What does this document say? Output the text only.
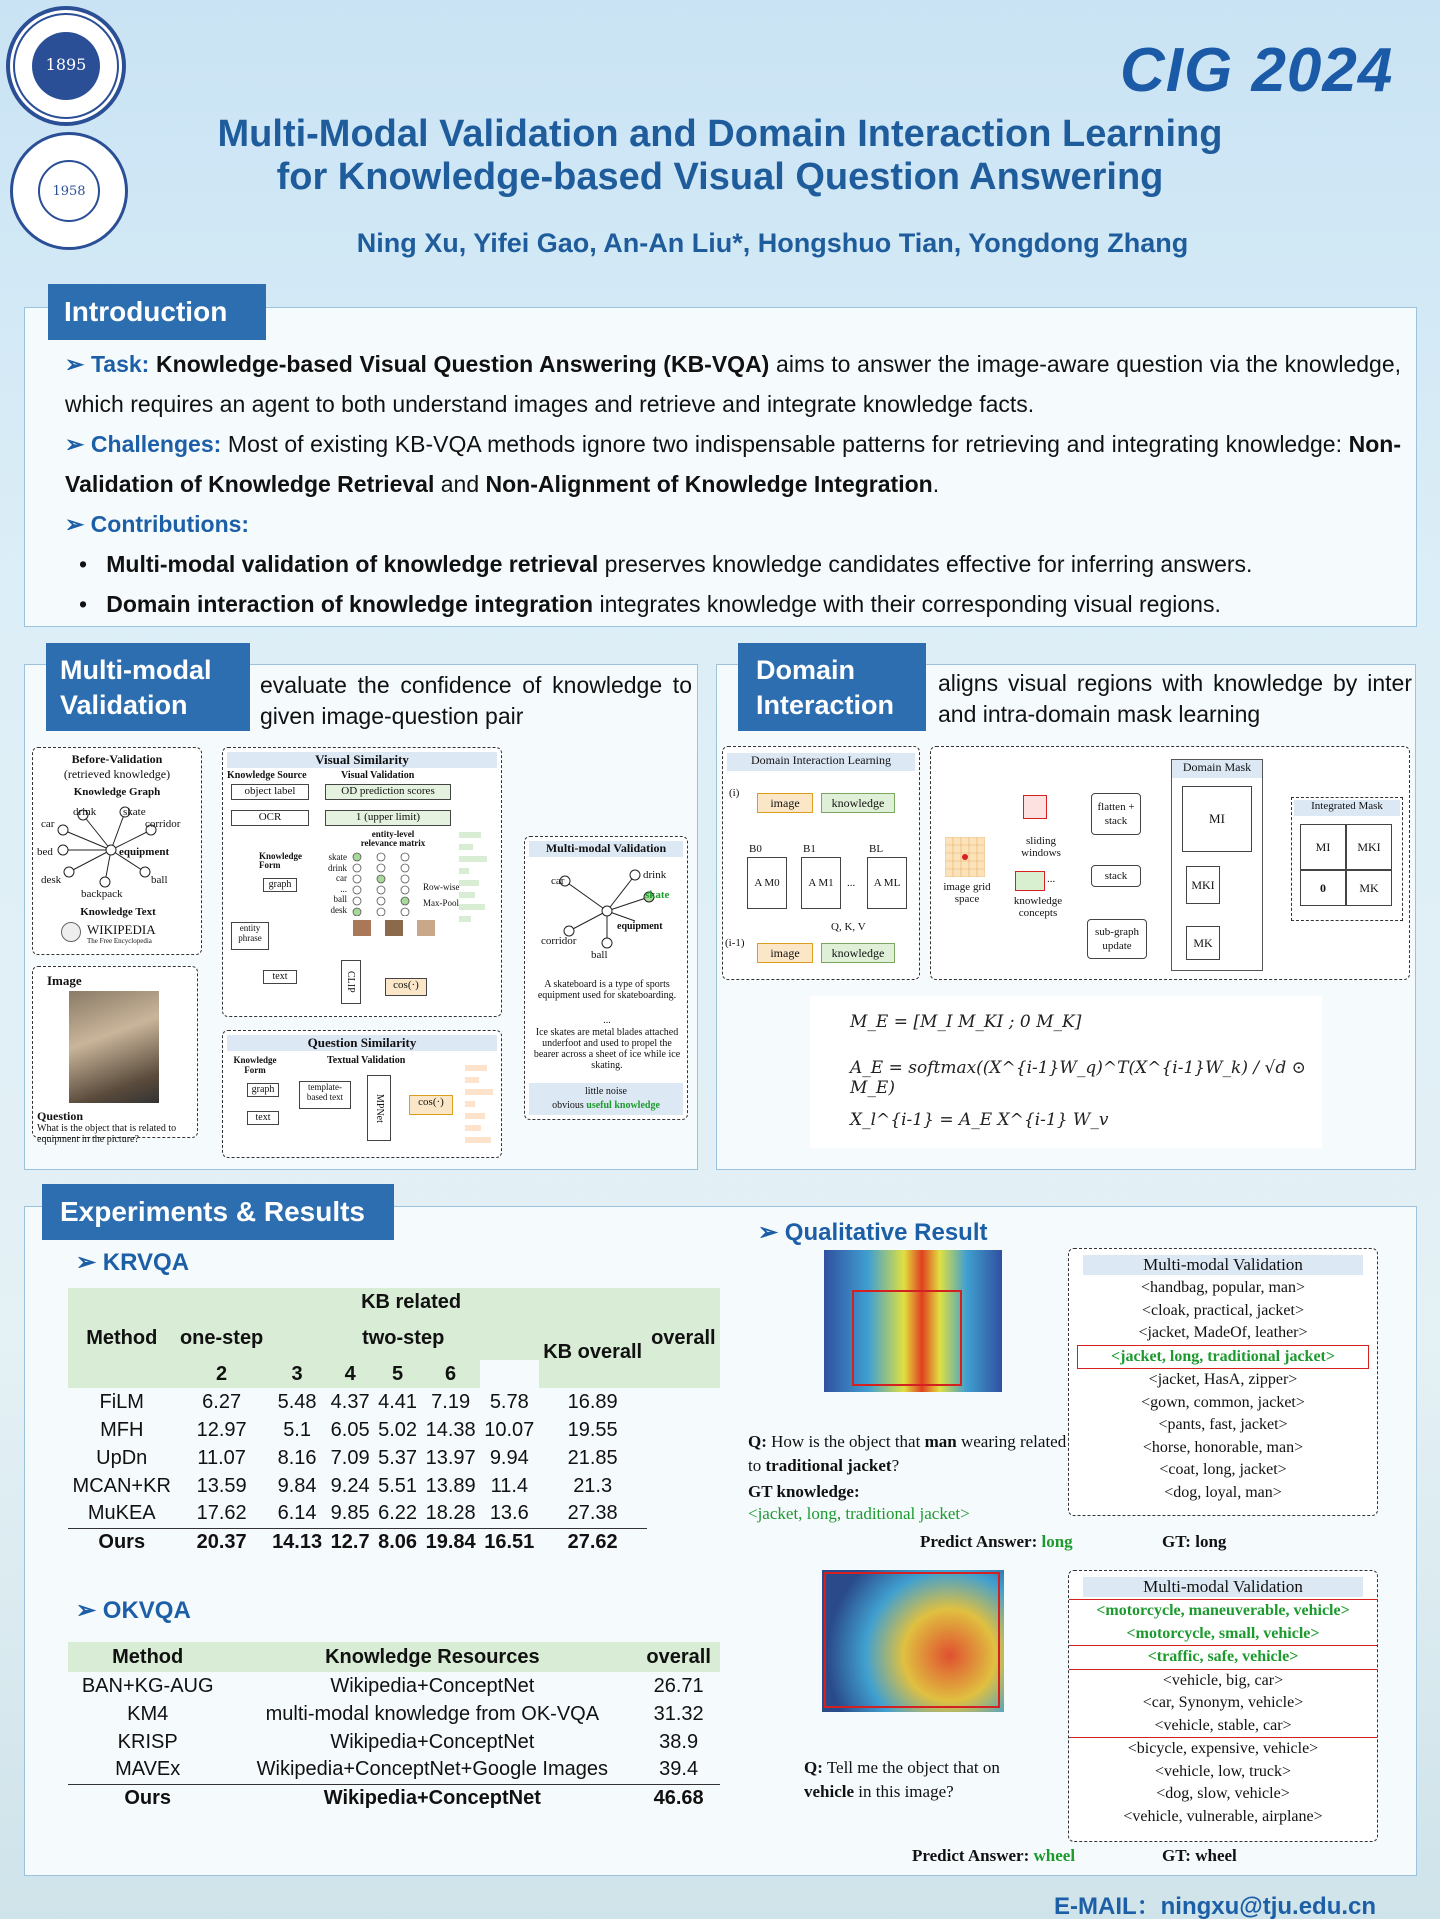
1895
1958
CIG 2024
Multi-Modal Validation and Domain Interaction Learning
for Knowledge-based Visual Question Answering
Ning Xu, Yifei Gao, An-An Liu*, Hongshuo Tian, Yongdong Zhang

➢ Task: Knowledge-based Visual Question Answering (KB-VQA) aims to answer the image-aware question via the knowledge, which requires an agent to both understand images and retrieve and integrate knowledge facts.

➢ Challenges: Most of existing KB-VQA methods ignore two indispensable patterns for retrieving and integrating knowledge: Non-Validation of Knowledge Retrieval and Non-Alignment of Knowledge Integration.

➢ Contributions:

•   Multi-modal validation of knowledge retrieval preserves knowledge candidates effective for inferring answers.

•   Domain interaction of knowledge integration integrates knowledge with their corresponding visual regions.

Introduction
Multi-modal
Validation
evaluate the confidence of knowledge to given image-question pair
Before-Validation
(retrieved knowledge)
Knowledge Graph
drink skate
car	corridor
bed	equipment
desk	ball
backpack
Knowledge Text
WIKIPEDIA
The Free Encyclopedia
Image
Question
What is the object that is related to equipment in the picture?
Visual Similarity
Knowledge Source	Visual Validation
object label	OD prediction scores
OCR	1 (upper limit)
entity-level relevance matrix
Knowledge Form
graph
entity phrase
text
skate
drink
car
...
ball
desk
Row-wise
Max-Pool
CLIP	cos(·)
Question Similarity
Knowledge Form
Textual Validation
graph
text
template-based text	MPNet	cos(·)
Multi-modal Validation
car	drink
skate
equipment
corridor
ball
A skateboard is a type of sports equipment used for skateboarding.
...
Ice skates are metal blades attached underfoot and used to propel the bearer across a sheet of ice while ice skating.
little noise
obvious useful knowledge
Domain
Interaction
aligns visual regions with knowledge by inter and intra-domain mask learning
Domain Interaction Learning
(i)
image	knowledge
B0	B1	BL
A M0	A M1	...	A ML
Q, K, V
(i-1)
image	knowledge
image grid space
sliding windows
...
knowledge concepts
flatten + stack
stack
sub-graph update
Domain Mask
MI
MKI
MK
Integrated Mask
MI	MKI
0	MK
M_E = [M_I M_KI ; 0 M_K]
A_E = softmax((X^{i-1}W_q)^T(X^{i-1}W_k) / √d ⊙ M_E)
X_l^{i-1} = A_E X^{i-1} W_v
Experiments & Results
➢ KRVQA
Method	KB related							overall
	one-step	two-step					KB overall	
	2	3	4	5	6			
FiLM	6.27	5.48	4.37	4.41	7.19	5.78	16.89	
MFH	12.97	5.1	6.05	5.02	14.38	10.07	19.55	
UpDn	11.07	8.16	7.09	5.37	13.97	9.94	21.85	
MCAN+KR	13.59	9.84	9.24	5.51	13.89	11.4	21.3	
MuKEA	17.62	6.14	9.85	6.22	18.28	13.6	27.38	
Ours	20.37	14.13	12.7	8.06	19.84	16.51	27.62	
➢ OKVQA
Method	Knowledge Resources	overall
BAN+KG-AUG	Wikipedia+ConceptNet	26.71
KM4	multi-modal knowledge from OK-VQA	31.32
KRISP	Wikipedia+ConceptNet	38.9
MAVEx	Wikipedia+ConceptNet+Google Images	39.4
Ours	Wikipedia+ConceptNet	46.68
➢ Qualitative Result
Multi-modal Validation
<handbag, popular, man>
<cloak, practical, jacket>
<jacket, MadeOf, leather>
<jacket, long, traditional jacket>
<jacket, HasA, zipper>
<gown, common, jacket>
<pants, fast, jacket>
<horse, honorable, man>
<coat, long, jacket>
<dog, loyal, man>
Q: How is the object that man wearing related to traditional jacket?
GT knowledge:
<jacket, long, traditional jacket>
Predict Answer: long	GT: long
Multi-modal Validation
<motorcycle, maneuverable, vehicle>
<motorcycle, small, vehicle>
<traffic, safe, vehicle>
<vehicle, big, car>
<car, Synonym, vehicle>
<vehicle, stable, car>
<bicycle, expensive, vehicle>
<vehicle, low, truck>
<dog, slow, vehicle>
<vehicle, vulnerable, airplane>
Q: Tell me the object that on vehicle in this image?
Predict Answer: wheel	GT: wheel
E-MAIL：ningxu@tju.edu.cn
